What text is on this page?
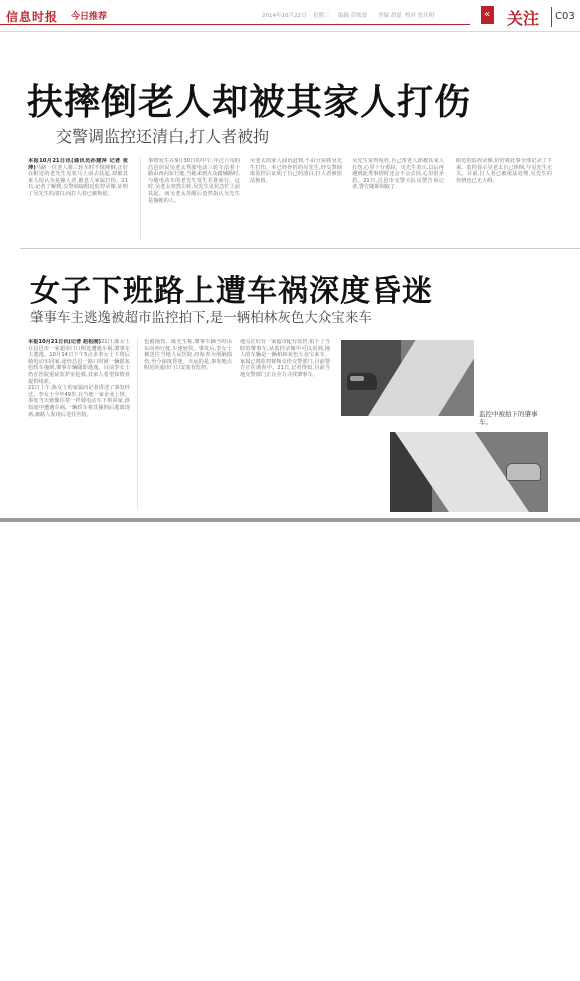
信息时报 今日推荐	2014年10月22日 星期三 编辑 彭映贤 美编 胡磊 校对 曾庆明	« 关注 C03
扶摔倒老人却被其家人打伤
交警调监控还清白,打人者被拘
本报10月21日讯(通讯员孙建萍 记者 张坤)马路一位老人骑三轮车时不慎摔倒,正好在附近的老先生见状马上前去扶起,却被其家人误认为是撞人者,被老人家属打伤。21日,记者了解到,交警调取附近监控录像,证明了吴先生的清白,而打人者已被拘留。
事情发生在9月30日的中午,年过六旬的昌邑居民吴老太驾驶电动三轮车沿着十路由西向东行驶,当她来到大众路辅路时,与骑电动车的老先生发生并排而行。这时,吴老太突然左转,吴先生见状急忙上前扶起。而吴老太苏醒后竟然指认吴先生是撞她的人。
吴老太的家人闻讯赶到,不由分说将吴先生打伤。本已经骨折的吴先生,经交警调取监控后证明了自己的清白,打人者被依法拘留。
吴先生觉得冤枉,自己帮老人却被其家人打伤,心里十分委屈。吴先生表示,以后再遇到此类事情时还会不会去扶,心里很矛盾。21日,昌邑市交警大队民警告诉记者,警方随即调取了
附近的监控录像,恰好将此事全部记录了下来。监控显示吴老太自己摔倒,与吴先生无关。目前,打人者已被依法处理,吴先生的伤情也已无大碍。
女子下班路上遭车祸深度昏迷
肇事车主逃逸被超市监控拍下,是一辆柏林灰色大众宝来车
本报10月21日讯(记者 赵松刚)21日,陈女士在昌邑市一家超市门口附近遭遇车祸,肇事车主逃逸。10月14日下午5点多李女士下班后骑电动车回家,途经昌邑一路口时被一辆银灰色轿车撞倒,肇事车辆随即逃逸。目前李女士仍在医院重症监护室抢救,其家人希望知情者提供线索。
21日上午,陈女士的家属向记者讲述了事发经过。李女士今年49岁,在当地一家企业上班。事发当天她像往常一样骑电动车下班回家,谁知途中遭遇车祸,一辆轿车将其撞倒后逃离现场,被路人发现后送往医院。
也被撞伤。陈先生称,肇事车辆当时由东向西行驶,车速较快。事发后,李女士被送往当地人民医院,经检查为颅脑损伤,至今深度昏迷。幸运的是,事发地点附近的超市门口安装有监控。
地点正好有一家超市配有监控,拍下了当时的肇事车,从监控录像中可以看到,撞人的车辆是一辆柏林灰色大众宝来车。家属已将监控视频交给交警部门,目前警方正在调查中。21日,记者得知,目前当地交警部门正在全力寻找肇事车。
监控中被拍下的肇事车。
